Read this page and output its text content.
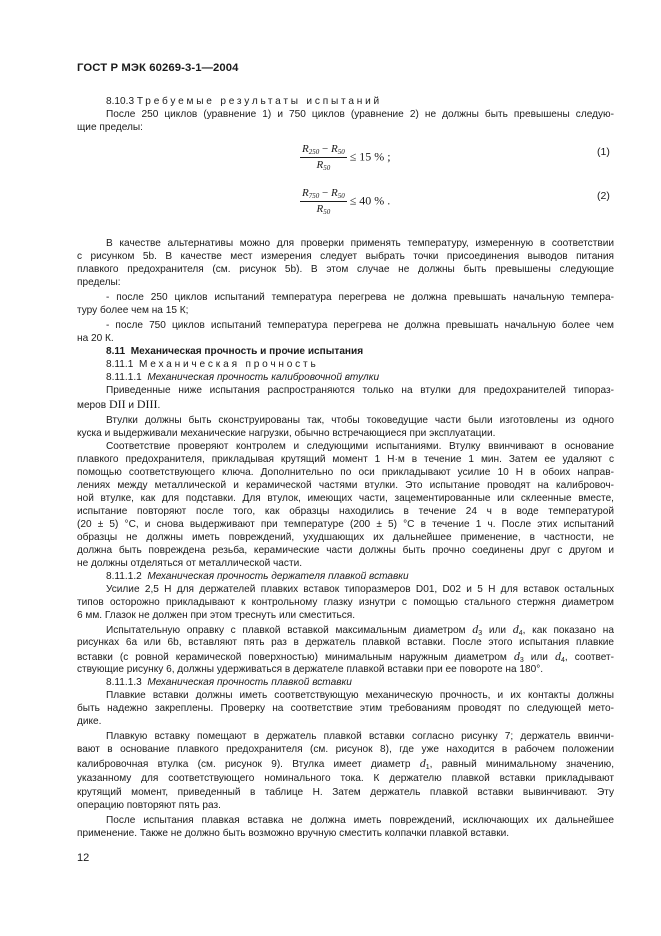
ГОСТ Р МЭК 60269-3-1—2004
8.10.3 Требуемые результаты испытаний
После 250 циклов (уравнение 1) и 750 циклов (уравнение 2) не должны быть превышены следую-
щие пределы:
$\frac{R_{250} - R_{50}}{R_{50}} \le 15$ % ;	(1)
$\frac{R_{750} - R_{50}}{R_{50}} \le 40$ % .	(2)
В качестве альтернативы можно для проверки применять температуру, измеренную в соответствии
с рисунком 5b. В качестве мест измерения следует выбрать точки присоединения выводов питания
плавкого предохранителя (см. рисунок 5b). В этом случае не должны быть превышены следующие
пределы:
- после 250 циклов испытаний температура перегрева не должна превышать начальную темпера-
туру более чем на 15 К;
- после 750 циклов испытаний температура перегрева не должна превышать начальную более чем
на 20 К.
8.11 Механическая прочность и прочие испытания
8.11.1 Механическая прочность
8.11.1.1 Механическая прочность калибровочной втулки
Приведенные ниже испытания распространяются только на втулки для предохранителей типораз-
меров DII и DIII.
Втулки должны быть сконструированы так, чтобы токоведущие части были изготовлены из одного
куска и выдерживали механические нагрузки, обычно встречающиеся при эксплуатации.
Соответствие проверяют контролем и следующими испытаниями. Втулку ввинчивают в основание
плавкого предохранителя, прикладывая крутящий момент 1 Н·м в течение 1 мин. Затем ее удаляют с
помощью соответствующего ключа. Дополнительно по оси прикладывают усилие 10 Н в обоих направ-
лениях между металлической и керамической частями втулки. Это испытание проводят на калибровоч-
ной втулке, как для подставки. Для втулок, имеющих части, зацементированные или склеенные вместе,
испытание повторяют после того, как образцы находились в течение 24 ч в воде температурой
(20 ± 5) °С, и снова выдерживают при температуре (200 ± 5) °С в течение 1 ч. После этих испытаний
образцы не должны иметь повреждений, ухудшающих их дальнейшее применение, в частности, не
должна быть повреждена резьба, керамические части должны быть прочно соединены друг с другом и
не должны отделяться от металлической части.
8.11.1.2 Механическая прочность держателя плавкой вставки
Усилие 2,5 Н для держателей плавких вставок типоразмеров D01, D02 и 5 Н для вставок остальных
типов осторожно прикладывают к контрольному глазку изнутри с помощью стального стержня диаметром
6 мм. Глазок не должен при этом треснуть или сместиться.
Испытательную оправку с плавкой вставкой максимальным диаметром $d_3$ или $d_4$, как показано на
рисунках 6а или 6b, вставляют пять раз в держатель плавкой вставки. После этого испытания плавкие
вставки (с ровной керамической поверхностью) минимальным наружным диаметром $d_3$ или $d_4$, соответ-
ствующие рисунку 6, должны удерживаться в держателе плавкой вставки при ее повороте на 180°.
8.11.1.3 Механическая прочность плавкой вставки
Плавкие вставки должны иметь соответствующую механическую прочность, и их контакты должны
быть надежно закреплены. Проверку на соответствие этим требованиям проводят по следующей мето-
дике.
Плавкую вставку помещают в держатель плавкой вставки согласно рисунку 7; держатель ввинчи-
вают в основание плавкого предохранителя (см. рисунок 8), где уже находится в рабочем положении
калибровочная втулка (см. рисунок 9). Втулка имеет диаметр $d_1$, равный минимальному значению,
указанному для соответствующего номинального тока. К держателю плавкой вставки прикладывают
крутящий момент, приведенный в таблице Н. Затем держатель плавкой вставки вывинчивают. Эту
операцию повторяют пять раз.
После испытания плавкая вставка не должна иметь повреждений, исключающих их дальнейшее
применение. Также не должно быть возможно вручную сместить колпачки плавкой вставки.
12
